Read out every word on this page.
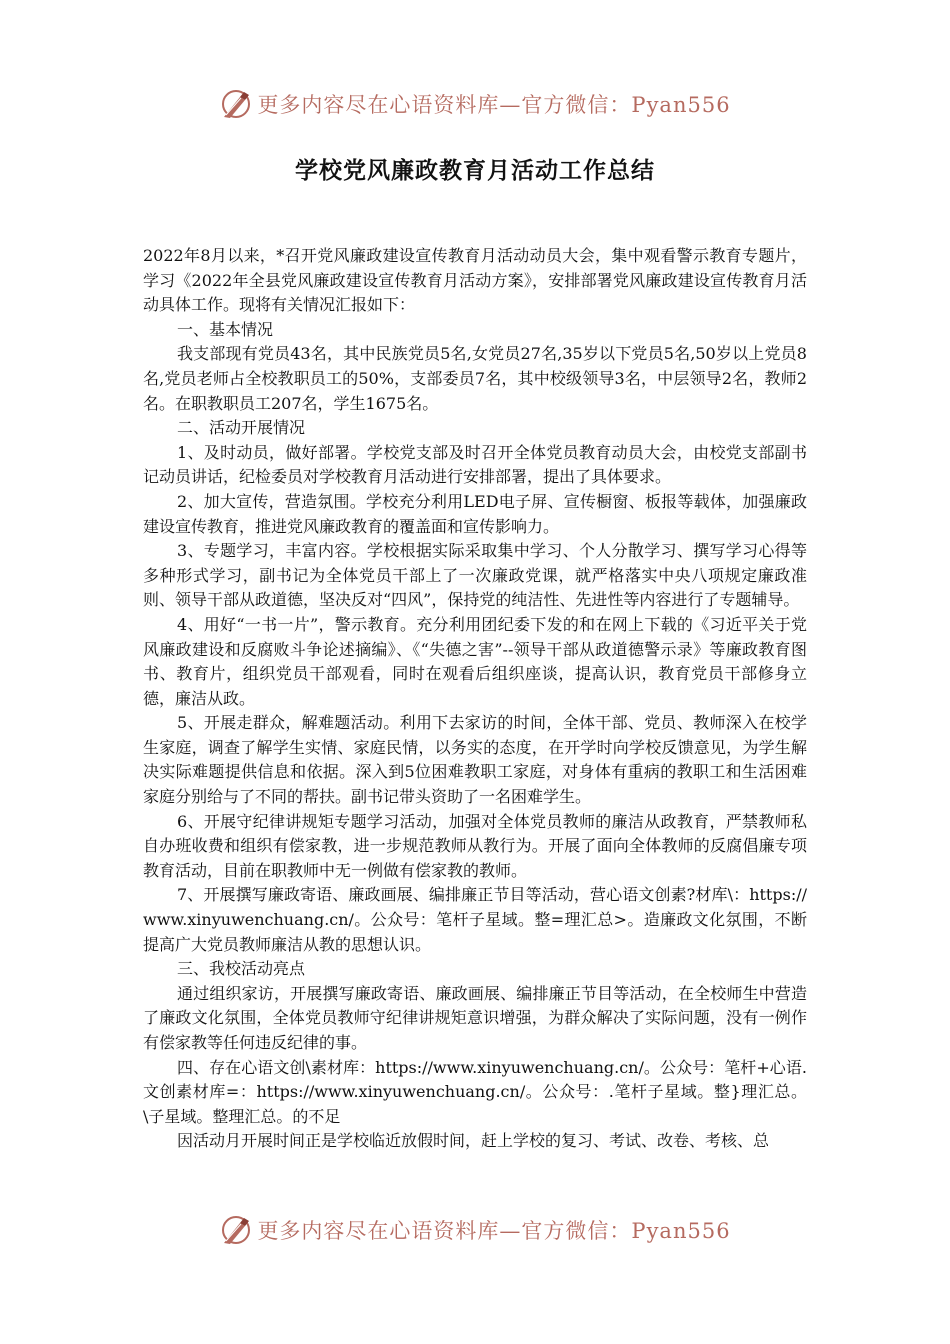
更多内容尽在心语资料库—官方微信：Pyan556
学校党风廉政教育月活动工作总结

2022年8月以来，*召开党风廉政建设宣传教育月活动动员大会，集中观看警示教育专题片，学习《2022年全县党风廉政建设宣传教育月活动方案》，安排部署党风廉政建设宣传教育月活动具体工作。现将有关情况汇报如下：

一、基本情况

我支部现有党员43名，其中民族党员5名,女党员27名,35岁以下党员5名,50岁以上党员8名,党员老师占全校教职员工的50%，支部委员7名，其中校级领导3名，中层领导2名，教师2名。在职教职员工207名，学生1675名。

二、活动开展情况

1、及时动员，做好部署。学校党支部及时召开全体党员教育动员大会，由校党支部副书记动员讲话，纪检委员对学校教育月活动进行安排部署，提出了具体要求。

2、加大宣传，营造氛围。学校充分利用LED电子屏、宣传橱窗、板报等载体，加强廉政建设宣传教育，推进党风廉政教育的覆盖面和宣传影响力。

3、专题学习，丰富内容。学校根据实际采取集中学习、个人分散学习、撰写学习心得等多种形式学习，副书记为全体党员干部上了一次廉政党课，就严格落实中央八项规定廉政准则、领导干部从政道德，坚决反对“四风”，保持党的纯洁性、先进性等内容进行了专题辅导。

4、用好“一书一片”，警示教育。充分利用团纪委下发的和在网上下载的《习近平关于党风廉政建设和反腐败斗争论述摘编》、《“失德之害”--领导干部从政道德警示录》等廉政教育图书、教育片，组织党员干部观看，同时在观看后组织座谈，提高认识，教育党员干部修身立德，廉洁从政。

5、开展走群众，解难题活动。利用下去家访的时间，全体干部、党员、教师深入在校学生家庭，调查了解学生实情、家庭民情，以务实的态度，在开学时向学校反馈意见，为学生解决实际难题提供信息和依据。深入到5位困难教职工家庭，对身体有重病的教职工和生活困难家庭分别给与了不同的帮扶。副书记带头资助了一名困难学生。

6、开展守纪律讲规矩专题学习活动，加强对全体党员教师的廉洁从政教育，严禁教师私自办班收费和组织有偿家教，进一步规范教师从教行为。开展了面向全体教师的反腐倡廉专项教育活动，目前在职教师中无一例做有偿家教的教师。

7、开展撰写廉政寄语、廉政画展、编排廉正节目等活动，营心语文创素?材库\：https://www.xinyuwenchuang.cn/。公众号：笔杆子星域。整=理汇总>。造廉政文化氛围，不断提高广大党员教师廉洁从教的思想认识。

三、我校活动亮点

通过组织家访，开展撰写廉政寄语、廉政画展、编排廉正节目等活动，在全校师生中营造了廉政文化氛围，全体党员教师守纪律讲规矩意识增强，为群众解决了实际问题，没有一例作有偿家教等任何违反纪律的事。

四、存在心语文创\素材库：https://www.xinyuwenchuang.cn/。公众号：笔杆+心语.文创素材库=：https://www.xinyuwenchuang.cn/。公众号：.笔杆子星域。整}理汇总。\子星域。整理汇总。的不足

因活动月开展时间正是学校临近放假时间，赶上学校的复习、考试、改卷、考核、总

更多内容尽在心语资料库—官方微信：Pyan556
